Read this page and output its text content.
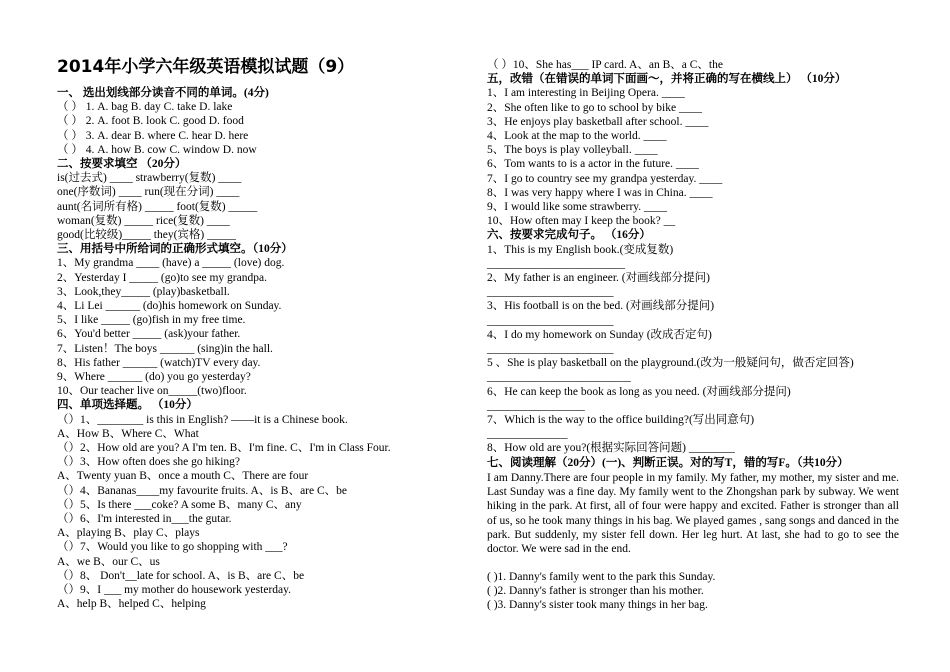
2014年小学六年级英语模拟试题（9）
一、 选出划线部分读音不同的单词。(4分)
（ ） 1. A. bag B. day C. take D. lake
（ ） 2. A. foot B. look C. good D. food
（ ） 3. A. dear B. where C. hear D. here
（ ） 4. A. how B. cow C. window D. now
二、按要求填空 （20分）
is(过去式) ____ strawberry(复数) ____
one(序数词) ____ run(现在分词) ____
aunt(名词所有格) _____ foot(复数) _____
woman(复数) _____ rice(复数) ____
good(比较级)_____ they(宾格) _____
三、用括号中所给词的正确形式填空。（10分）
1、My grandma ____ (have) a _____ (love) dog.
2、Yesterday I _____ (go)to see my grandpa.
3、Look,they_____ (play)basketball.
4、Li Lei ______ (do)his homework on Sunday.
5、I like _____ (go)fish in my free time.
6、You'd better _____ (ask)your father.
7、Listen！The boys ______ (sing)in the hall.
8、His father ______ (watch)TV every day.
9、Where ______ (do) you go yesterday?
10、Our teacher live on_____(two)floor.
四、单项选择题。 （10分）
（）1、________ is this in English? ——it is a Chinese book.
A、How B、Where C、What
（）2、How old are you? A I'm ten. B、I'm fine. C、I'm in Class Four.
（）3、How often does she go hiking?
A、Twenty yuan B、once a mouth C、There are four
（）4、Bananas____my favourite fruits. A、is B、are C、be
（）5、Is there ___coke? A some B、many C、any
（）6、I'm interested in___the gutar.
A、playing B、play C、plays
（）7、Would you like to go shopping with ___?
A、we B、our C、us
（）8、 Don't__late for school. A、is B、are C、be
（）9、I ___ my mother do housework yesterday.
A、help B、helped C、helping
（ ）10、She has___ IP card. A、an B、a C、the
五，改错（在错误的单词下面画～，并将正确的写在横线上） （10分）
1、I am interesting in Beijing Opera. ____
2、She often like to go to school by bike ____
3、He enjoys play basketball after school. ____
4、Look at the map to the world. ____
5、The boys is play volleyball. ____
6、Tom wants to is a actor in the future. ____
7、I go to country see my grandpa yesterday. ____
8、I was very happy where I was in China. ____
9、I would like some strawberry. ____
10、How often may I keep the book? __
六、按要求完成句子。 （16分）
1、This is my English book.(变成复数)
________________________
2、My father is an engineer. (对画线部分提问)
______________________
3、His football is on the bed. (对画线部分提问)
______________________
4、I do my homework on Sunday (改成否定句)
______________________
5 、She is play basketball on the playground.(改为一般疑问句，做否定回答)
_________________________
6、He can keep the book as long as you need. (对画线部分提问)
_________________
7、Which is the way to the office building?(写出同意句)
______________
8、How old are you?(根据实际回答问题) ________
七、阅读理解（20分）(一)、判断正误。对的写T，错的写F。（共10分）
I am Danny.There are four people in my family. My father, my mother, my sister and me. Last Sunday was a fine day. My family went to the Zhongshan park by subway. We went hiking in the park. At first, all of four were happy and excited. Father is stronger than all of us, so he took many things in his bag. We played games , sang songs and danced in the park. But suddenly, my sister fell down. Her leg hurt. At last, she had to go to see the doctor. We were sad in the end.
( )1. Danny's family went to the park this Sunday.
( )2. Danny's father is stronger than his mother.
( )3. Danny's sister took many things in her bag.
